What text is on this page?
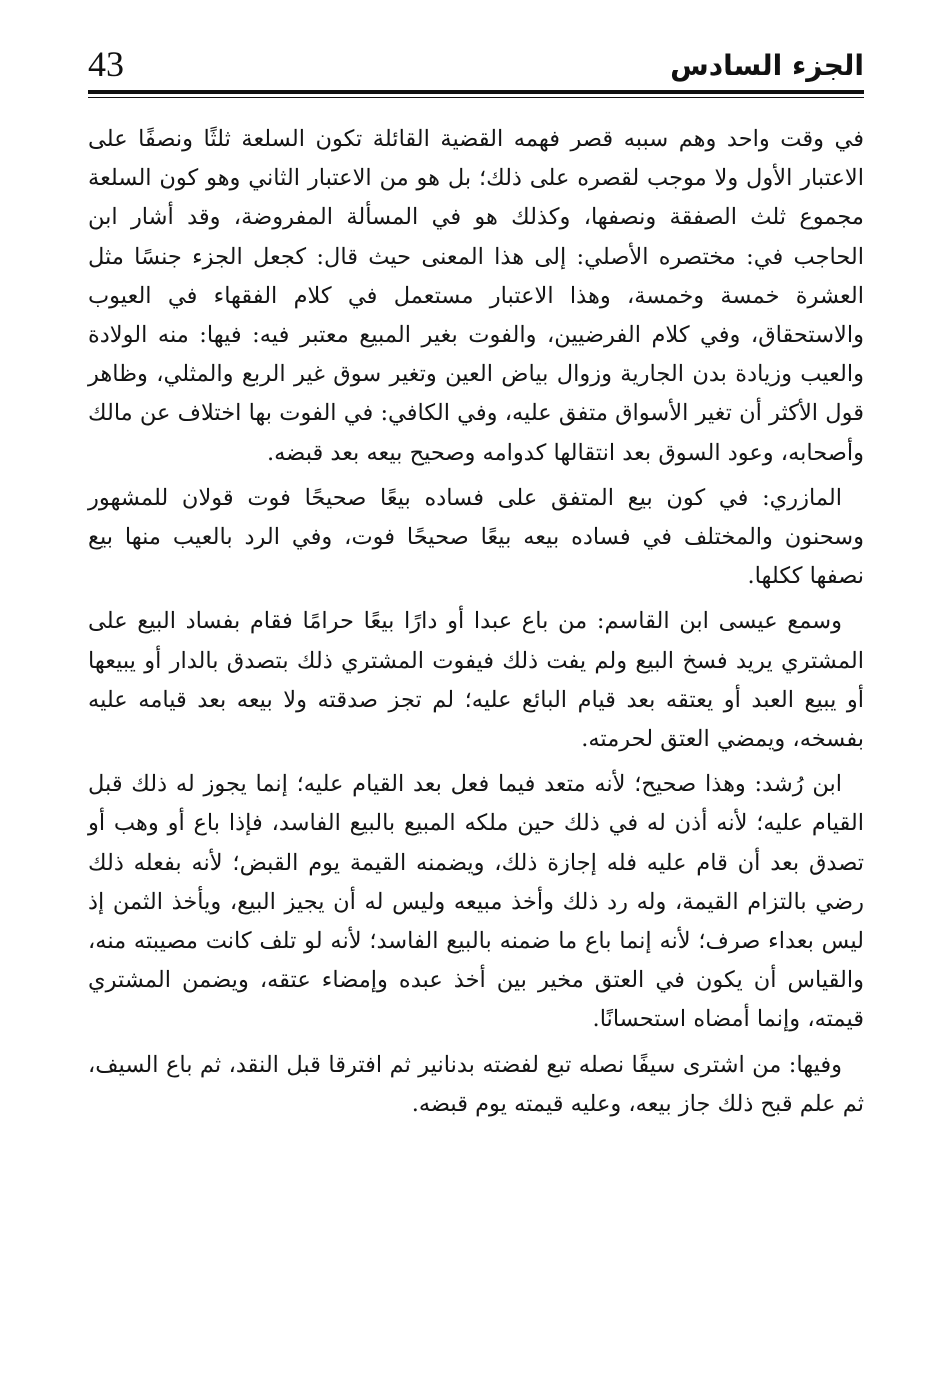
43	الجزء السادس

في وقت واحد وهم سببه قصر فهمه القضية القائلة تكون السلعة ثلثًا ونصفًا على الاعتبار الأول ولا موجب لقصره على ذلك؛ بل هو من الاعتبار الثاني وهو كون السلعة مجموع ثلث الصفقة ونصفها، وكذلك هو في المسألة المفروضة، وقد أشار ابن الحاجب في: مختصره الأصلي: إلى هذا المعنى حيث قال: كجعل الجزء جنسًا مثل العشرة خمسة وخمسة، وهذا الاعتبار مستعمل في كلام الفقهاء في العيوب والاستحقاق، وفي كلام الفرضيين، والفوت بغير المبيع معتبر فيه: فيها: منه الولادة والعيب وزيادة بدن الجارية وزوال بياض العين وتغير سوق غير الربع والمثلي، وظاهر قول الأكثر أن تغير الأسواق متفق عليه، وفي الكافي: في الفوت بها اختلاف عن مالك وأصحابه، وعود السوق بعد انتقالها كدوامه وصحيح بيعه بعد قبضه.

المازري: في كون بيع المتفق على فساده بيعًا صحيحًا فوت قولان للمشهور وسحنون والمختلف في فساده بيعه بيعًا صحيحًا فوت، وفي الرد بالعيب منها بيع نصفها ككلها.

وسمع عيسى ابن القاسم: من باع عبدا أو دارًا بيعًا حرامًا فقام بفساد البيع على المشتري يريد فسخ البيع ولم يفت ذلك فيفوت المشتري ذلك بتصدق بالدار أو يبيعها أو يبيع العبد أو يعتقه بعد قيام البائع عليه؛ لم تجز صدقته ولا بيعه بعد قيامه عليه بفسخه، ويمضي العتق لحرمته.

ابن رُشد: وهذا صحيح؛ لأنه متعد فيما فعل بعد القيام عليه؛ إنما يجوز له ذلك قبل القيام عليه؛ لأنه أذن له في ذلك حين ملكه المبيع بالبيع الفاسد، فإذا باع أو وهب أو تصدق بعد أن قام عليه فله إجازة ذلك، ويضمنه القيمة يوم القبض؛ لأنه بفعله ذلك رضي بالتزام القيمة، وله رد ذلك وأخذ مبيعه وليس له أن يجيز البيع، ويأخذ الثمن إذ ليس بعداء صرف؛ لأنه إنما باع ما ضمنه بالبيع الفاسد؛ لأنه لو تلف كانت مصيبته منه، والقياس أن يكون في العتق مخير بين أخذ عبده وإمضاء عتقه، ويضمن المشتري قيمته، وإنما أمضاه استحسانًا.

وفيها: من اشترى سيفًا نصله تبع لفضته بدنانير ثم افترقا قبل النقد، ثم باع السيف، ثم علم قبح ذلك جاز بيعه، وعليه قيمته يوم قبضه.
